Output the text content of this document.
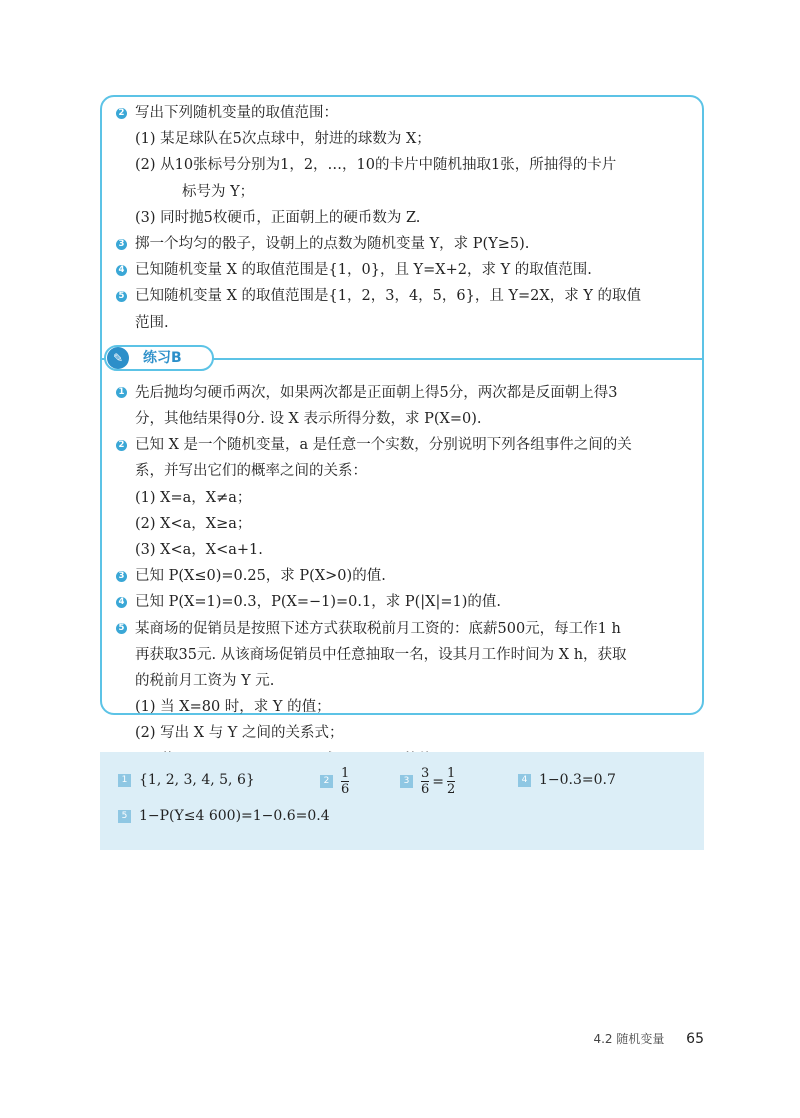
2 写出下列随机变量的取值范围：
(1) 某足球队在5次点球中，射进的球数为 X；
(2) 从10张标号分别为1，2，…，10的卡片中随机抽取1张，所抽得的卡片
标号为 Y；
(3) 同时抛5枚硬币，正面朝上的硬币数为 Z.
3 掷一个均匀的骰子，设朝上的点数为随机变量 Y，求 P(Y≥5).
4 已知随机变量 X 的取值范围是{1，0}，且 Y=X+2，求 Y 的取值范围.
5 已知随机变量 X 的取值范围是{1，2，3，4，5，6}，且 Y=2X，求 Y 的取值
范围.
✎	练习B
1 先后抛均匀硬币两次，如果两次都是正面朝上得5分，两次都是反面朝上得3
分，其他结果得0分. 设 X 表示所得分数，求 P(X=0).
2 已知 X 是一个随机变量，a 是任意一个实数，分别说明下列各组事件之间的关
系，并写出它们的概率之间的关系：
(1) X=a，X≠a；
(2) X<a，X≥a；
(3) X<a，X<a+1.
3 已知 P(X≤0)=0.25，求 P(X>0)的值.
4 已知 P(X=1)=0.3，P(X=−1)=0.1，求 P(|X|=1)的值.
5 某商场的促销员是按照下述方式获取税前月工资的：底薪500元，每工作1 h
再获取35元. 从该商场促销员中任意抽取一名，设其月工作时间为 X h，获取
的税前月工资为 Y 元.
(1) 当 X=80 时，求 Y 的值；
(2) 写出 X 与 Y 之间的关系式；
1 {1, 2, 3, 4, 5, 6}	$2 \frac{1}{6}$	$3 \frac{3}{6} = \frac{1}{2}$	4 1−0.3=0.7
5 1−P(Y≤4 600)=1−0.6=0.4
4.2 随机变量 65
